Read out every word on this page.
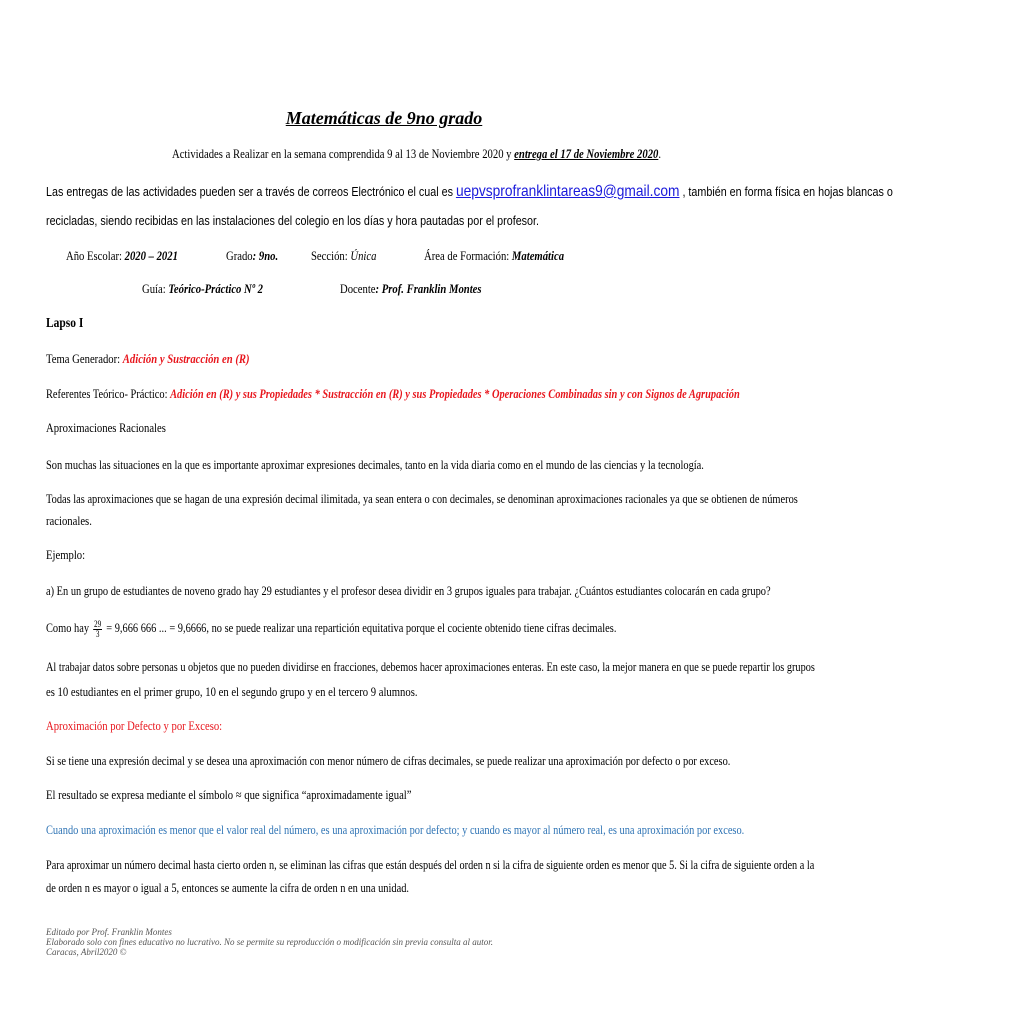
Matemáticas de 9no grado
Actividades a Realizar en la semana comprendida 9 al 13 de Noviembre 2020 y entrega el 17 de Noviembre 2020.
Las entregas de las actividades pueden ser a través de correos Electrónico el cual es uepvsprofranklintareas9@gmail.com , también en forma física en hojas blancas o
recicladas, siendo recibidas en las instalaciones del colegio en los días y hora pautadas por el profesor.
Año Escolar: 2020 – 2021	Grado: 9no.	Sección: Única	Área de Formación: Matemática
Guía: Teórico-Práctico Nº 2	Docente: Prof. Franklin Montes
Lapso I
Tema Generador: Adición y Sustracción en (R)
Referentes Teórico- Práctico: Adición en (R) y sus Propiedades * Sustracción en (R) y sus Propiedades * Operaciones Combinadas sin y con Signos de Agrupación
Aproximaciones Racionales
Son muchas las situaciones en la que es importante aproximar expresiones decimales, tanto en la vida diaria como en el mundo de las ciencias y la tecnología.
Todas las aproximaciones que se hagan de una expresión decimal ilimitada, ya sean entera o con decimales, se denominan aproximaciones racionales ya que se obtienen de números
racionales.
Ejemplo:
a) En un grupo de estudiantes de noveno grado hay 29 estudiantes y el profesor desea dividir en 3 grupos iguales para trabajar. ¿Cuántos estudiantes colocarán en cada grupo?
Como hay $\frac{29}{3} = 9,666$ 666 ... = 9,6666, no se puede realizar una repartición equitativa porque el cociente obtenido tiene cifras decimales.
Al trabajar datos sobre personas u objetos que no pueden dividirse en fracciones, debemos hacer aproximaciones enteras. En este caso, la mejor manera en que se puede repartir los grupos
es 10 estudiantes en el primer grupo, 10 en el segundo grupo y en el tercero 9 alumnos.
Aproximación por Defecto y por Exceso:
Si se tiene una expresión decimal y se desea una aproximación con menor número de cifras decimales, se puede realizar una aproximación por defecto o por exceso.
El resultado se expresa mediante el símbolo ≈ que significa “aproximadamente igual”
Cuando una aproximación es menor que el valor real del número, es una aproximación por defecto; y cuando es mayor al número real, es una aproximación por exceso.
Para aproximar un número decimal hasta cierto orden n, se eliminan las cifras que están después del orden n si la cifra de siguiente orden es menor que 5. Si la cifra de siguiente orden a la
de orden n es mayor o igual a 5, entonces se aumente la cifra de orden n en una unidad.
Editado por Prof. Franklin Montes
Elaborado solo con fines educativo no lucrativo. No se permite su reproducción o modificación sin previa consulta al autor.
Caracas, Abril2020 ©
